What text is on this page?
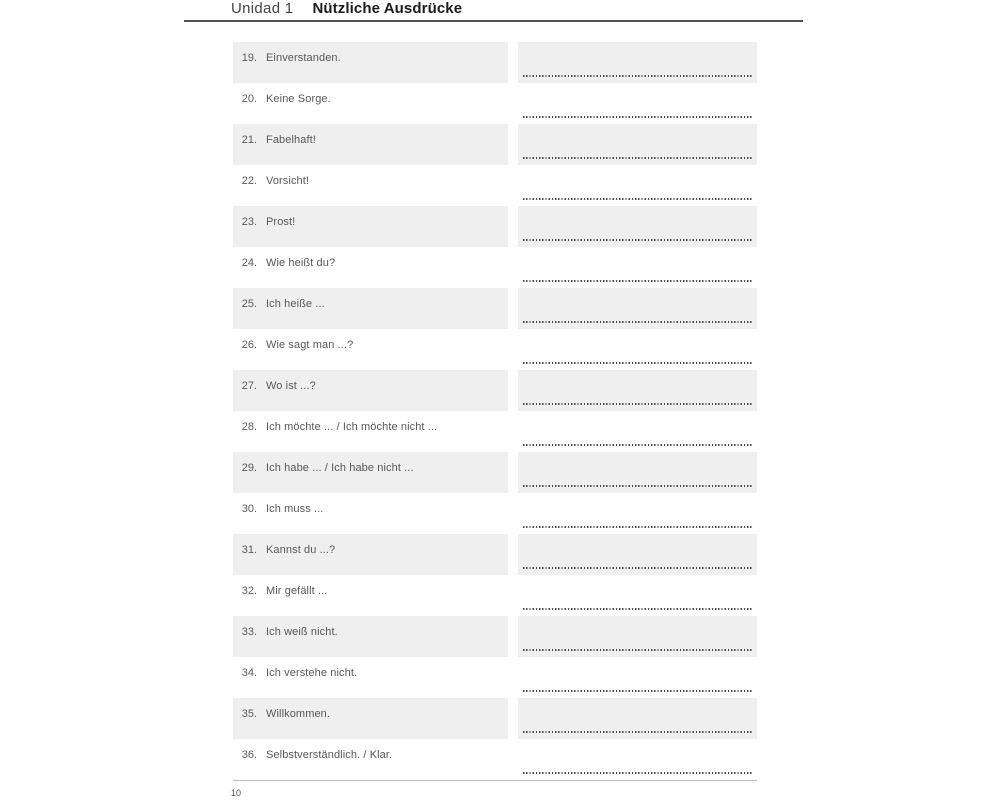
Unidad 1 Nützliche Ausdrücke
19. Einverstanden.
20. Keine Sorge.
21. Fabelhaft!
22. Vorsicht!
23. Prost!
24. Wie heißt du?
25. Ich heiße ...
26. Wie sagt man ...?
27. Wo ist ...?
28. Ich möchte ... / Ich möchte nicht ...
29. Ich habe ... / Ich habe nicht ...
30. Ich muss ...
31. Kannst du ...?
32. Mir gefällt ...
33. Ich weiß nicht.
34. Ich verstehe nicht.
35. Willkommen.
36. Selbstverständlich. / Klar.
10
